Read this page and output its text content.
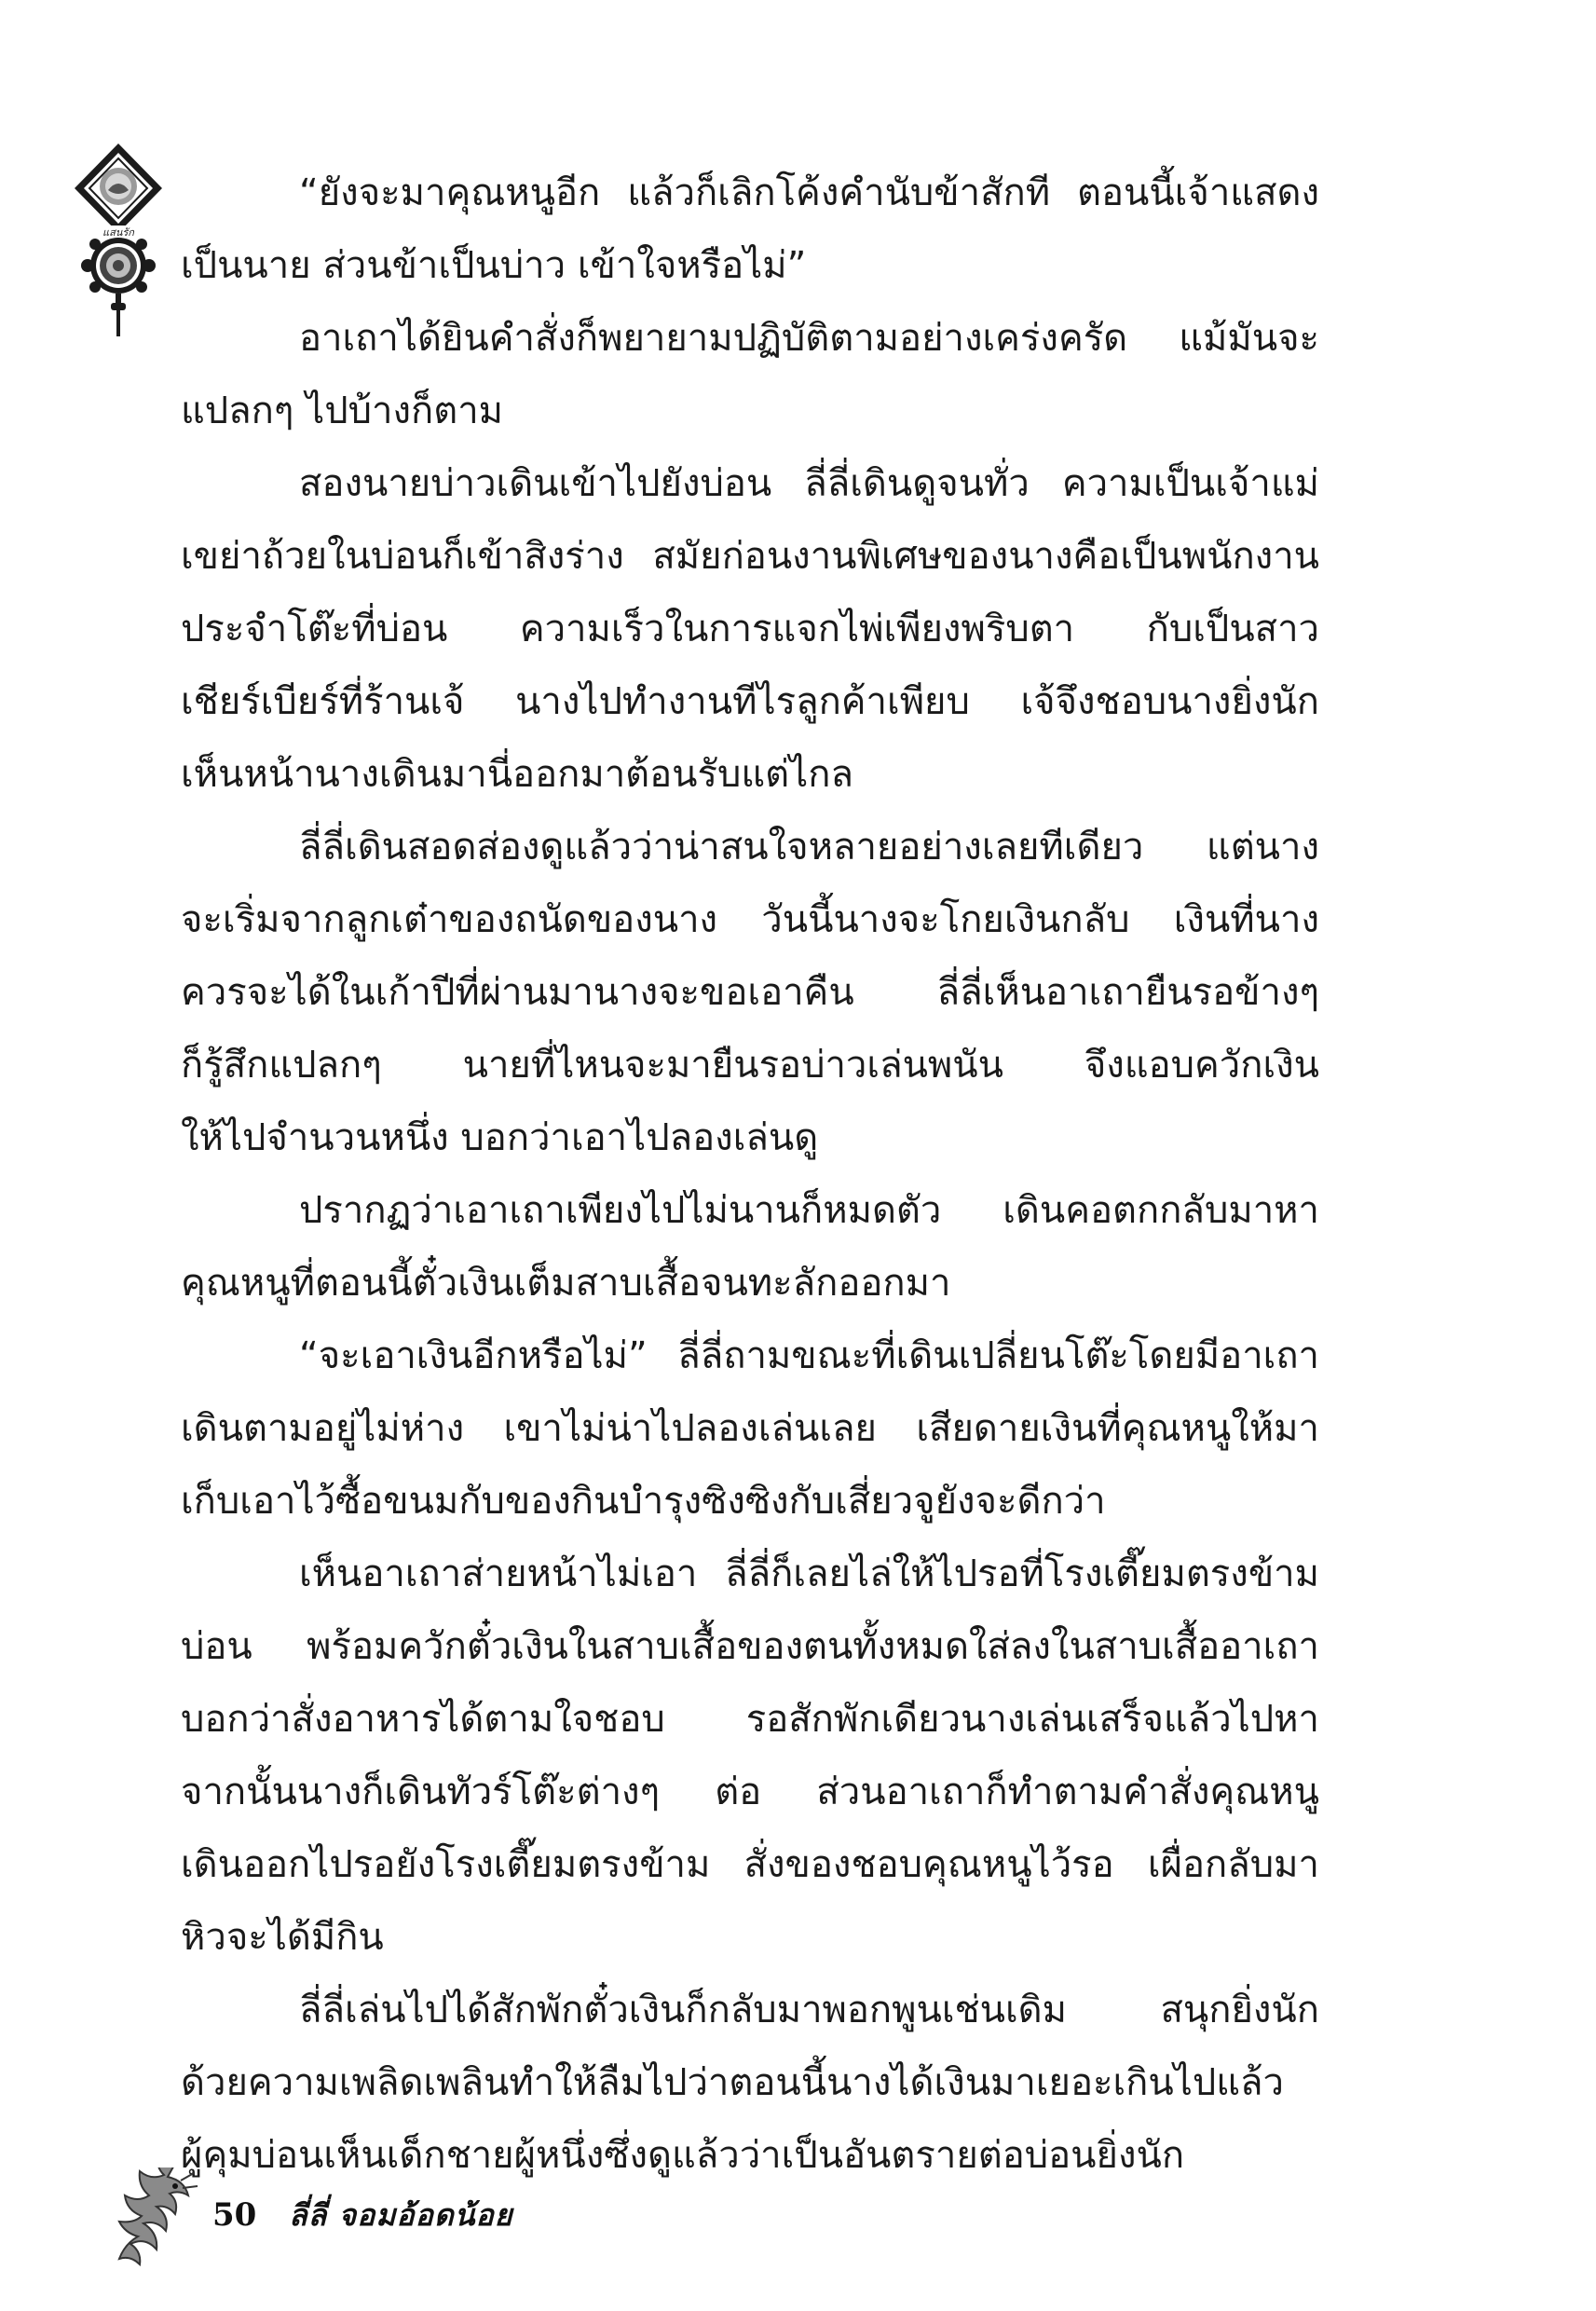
แสนรัก
“ยังจะมาคุณหนูอีก แล้วก็เลิกโค้งคำนับข้าสักที ตอนนี้เจ้าแสดง
เป็นนาย ส่วนข้าเป็นบ่าว เข้าใจหรือไม่”
อาเถาได้ยินคำสั่งก็พยายามปฏิบัติตามอย่างเคร่งครัด แม้มันจะ
แปลกๆ ไปบ้างก็ตาม
สองนายบ่าวเดินเข้าไปยังบ่อน ลี่ลี่เดินดูจนทั่ว ความเป็นเจ้าแม่
เขย่าถ้วยในบ่อนก็เข้าสิงร่าง สมัยก่อนงานพิเศษของนางคือเป็นพนักงาน
ประจำโต๊ะที่บ่อน ความเร็วในการแจกไพ่เพียงพริบตา กับเป็นสาว
เชียร์เบียร์ที่ร้านเจ้ นางไปทำงานทีไรลูกค้าเพียบ เจ้จึงชอบนางยิ่งนัก
เห็นหน้านางเดินมานี่ออกมาต้อนรับแต่ไกล
ลี่ลี่เดินสอดส่องดูแล้วว่าน่าสนใจหลายอย่างเลยทีเดียว แต่นาง
จะเริ่มจากลูกเต๋าของถนัดของนาง วันนี้นางจะโกยเงินกลับ เงินที่นาง
ควรจะได้ในเก้าปีที่ผ่านมานางจะขอเอาคืน ลี่ลี่เห็นอาเถายืนรอข้างๆ
ก็รู้สึกแปลกๆ นายที่ไหนจะมายืนรอบ่าวเล่นพนัน จึงแอบควักเงิน
ให้ไปจำนวนหนึ่ง บอกว่าเอาไปลองเล่นดู
ปรากฏว่าเอาเถาเพียงไปไม่นานก็หมดตัว เดินคอตกกลับมาหา
คุณหนูที่ตอนนี้ตั๋วเงินเต็มสาบเสื้อจนทะลักออกมา
“จะเอาเงินอีกหรือไม่” ลี่ลี่ถามขณะที่เดินเปลี่ยนโต๊ะโดยมีอาเถา
เดินตามอยู่ไม่ห่าง เขาไม่น่าไปลองเล่นเลย เสียดายเงินที่คุณหนูให้มา
เก็บเอาไว้ซื้อขนมกับของกินบำรุงซิงซิงกับเสี่ยวจูยังจะดีกว่า
เห็นอาเถาส่ายหน้าไม่เอา ลี่ลี่ก็เลยไล่ให้ไปรอที่โรงเตี๊ยมตรงข้าม
บ่อน พร้อมควักตั๋วเงินในสาบเสื้อของตนทั้งหมดใส่ลงในสาบเสื้ออาเถา
บอกว่าสั่งอาหารได้ตามใจชอบ รอสักพักเดียวนางเล่นเสร็จแล้วไปหา
จากนั้นนางก็เดินทัวร์โต๊ะต่างๆ ต่อ ส่วนอาเถาก็ทำตามคำสั่งคุณหนู
เดินออกไปรอยังโรงเตี๊ยมตรงข้าม สั่งของชอบคุณหนูไว้รอ เผื่อกลับมา
หิวจะได้มีกิน
ลี่ลี่เล่นไปได้สักพักตั๋วเงินก็กลับมาพอกพูนเช่นเดิม สนุกยิ่งนัก
ด้วยความเพลิดเพลินทำให้ลืมไปว่าตอนนี้นางได้เงินมาเยอะเกินไปแล้ว
ผู้คุมบ่อนเห็นเด็กชายผู้หนึ่งซึ่งดูแล้วว่าเป็นอันตรายต่อบ่อนยิ่งนัก
50 ลี่ลี่ จอมอ้อดน้อย
